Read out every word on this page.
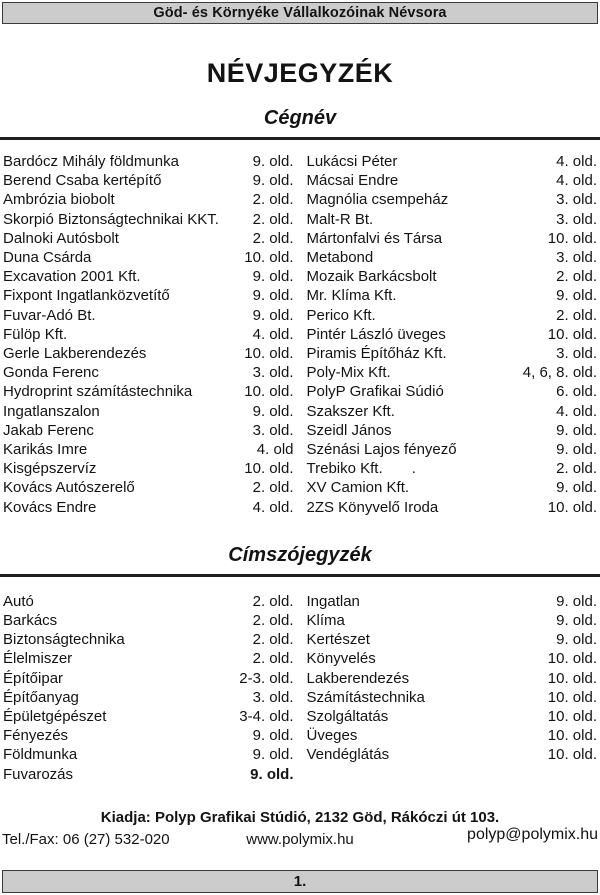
Göd- és Környéke Vállalkozóinak Névsora
NÉVJEGYZÉK
Cégnév
Bardócz Mihály földmunka	9. old.
Berend Csaba kertépítő	9. old.
Ambrózia biobolt	2. old.
Skorpió Biztonságtechnikai KKT.	2. old.
Dalnoki Autósbolt	2. old.
Duna Csárda	10. old.
Excavation 2001 Kft.	9. old.
Fixpont Ingatlanközvetítő	9. old.
Fuvar-Adó Bt.	9. old.
Fülöp Kft.	4. old.
Gerle Lakberendezés	10. old.
Gonda Ferenc	3. old.
Hydroprint számítástechnika	10. old.
Ingatlanszalon	9. old.
Jakab Ferenc	3. old.
Karikás Imre	4. old
Kisgépszervíz	10. old.
Kovács Autószerelő	2. old.
Kovács Endre	4. old.
Lukácsi Péter	4. old.
Mácsai Endre	4. old.
Magnólia csempeház	3. old.
Malt-R Bt.	3. old.
Mártonfalvi és Társa	10. old.
Metabond	3. old.
Mozaik Barkácsbolt	2. old.
Mr. Klíma Kft.	9. old.
Perico Kft.	2. old.
Pintér László üveges	10. old.
Piramis Építőház Kft.	3. old.
Poly-Mix Kft.	4, 6, 8. old.
PolyP Grafikai Súdió	6. old.
Szakszer Kft.	4. old.
Szeidl János	9. old.
Szénási Lajos fényező	9. old.
Trebiko Kft.       .	2. old.
XV Camion Kft.	9. old.
2ZS Könyvelő Iroda	10. old.
Címszójegyzék
Autó	2. old.
Barkács	2. old.
Biztonságtechnika	2. old.
Élelmiszer	2. old.
Építőipar	2-3. old.
Építőanyag	3. old.
Épületgépészet	3-4. old.
Fényezés	9. old.
Földmunka	9. old.
Fuvarozás	9. old.
Ingatlan	9. old.
Klíma	9. old.
Kertészet	9. old.
Könyvelés	10. old.
Lakberendezés	10. old.
Számítástechnika	10. old.
Szolgáltatás	10. old.
Üveges	10. old.
Vendéglátás	10. old.
Kiadja: Polyp Grafikai Stúdió, 2132 Göd, Rákóczi út 103.
Tel./Fax: 06 (27) 532-020	www.polymix.hu	polyp@polymix.hu
1.
